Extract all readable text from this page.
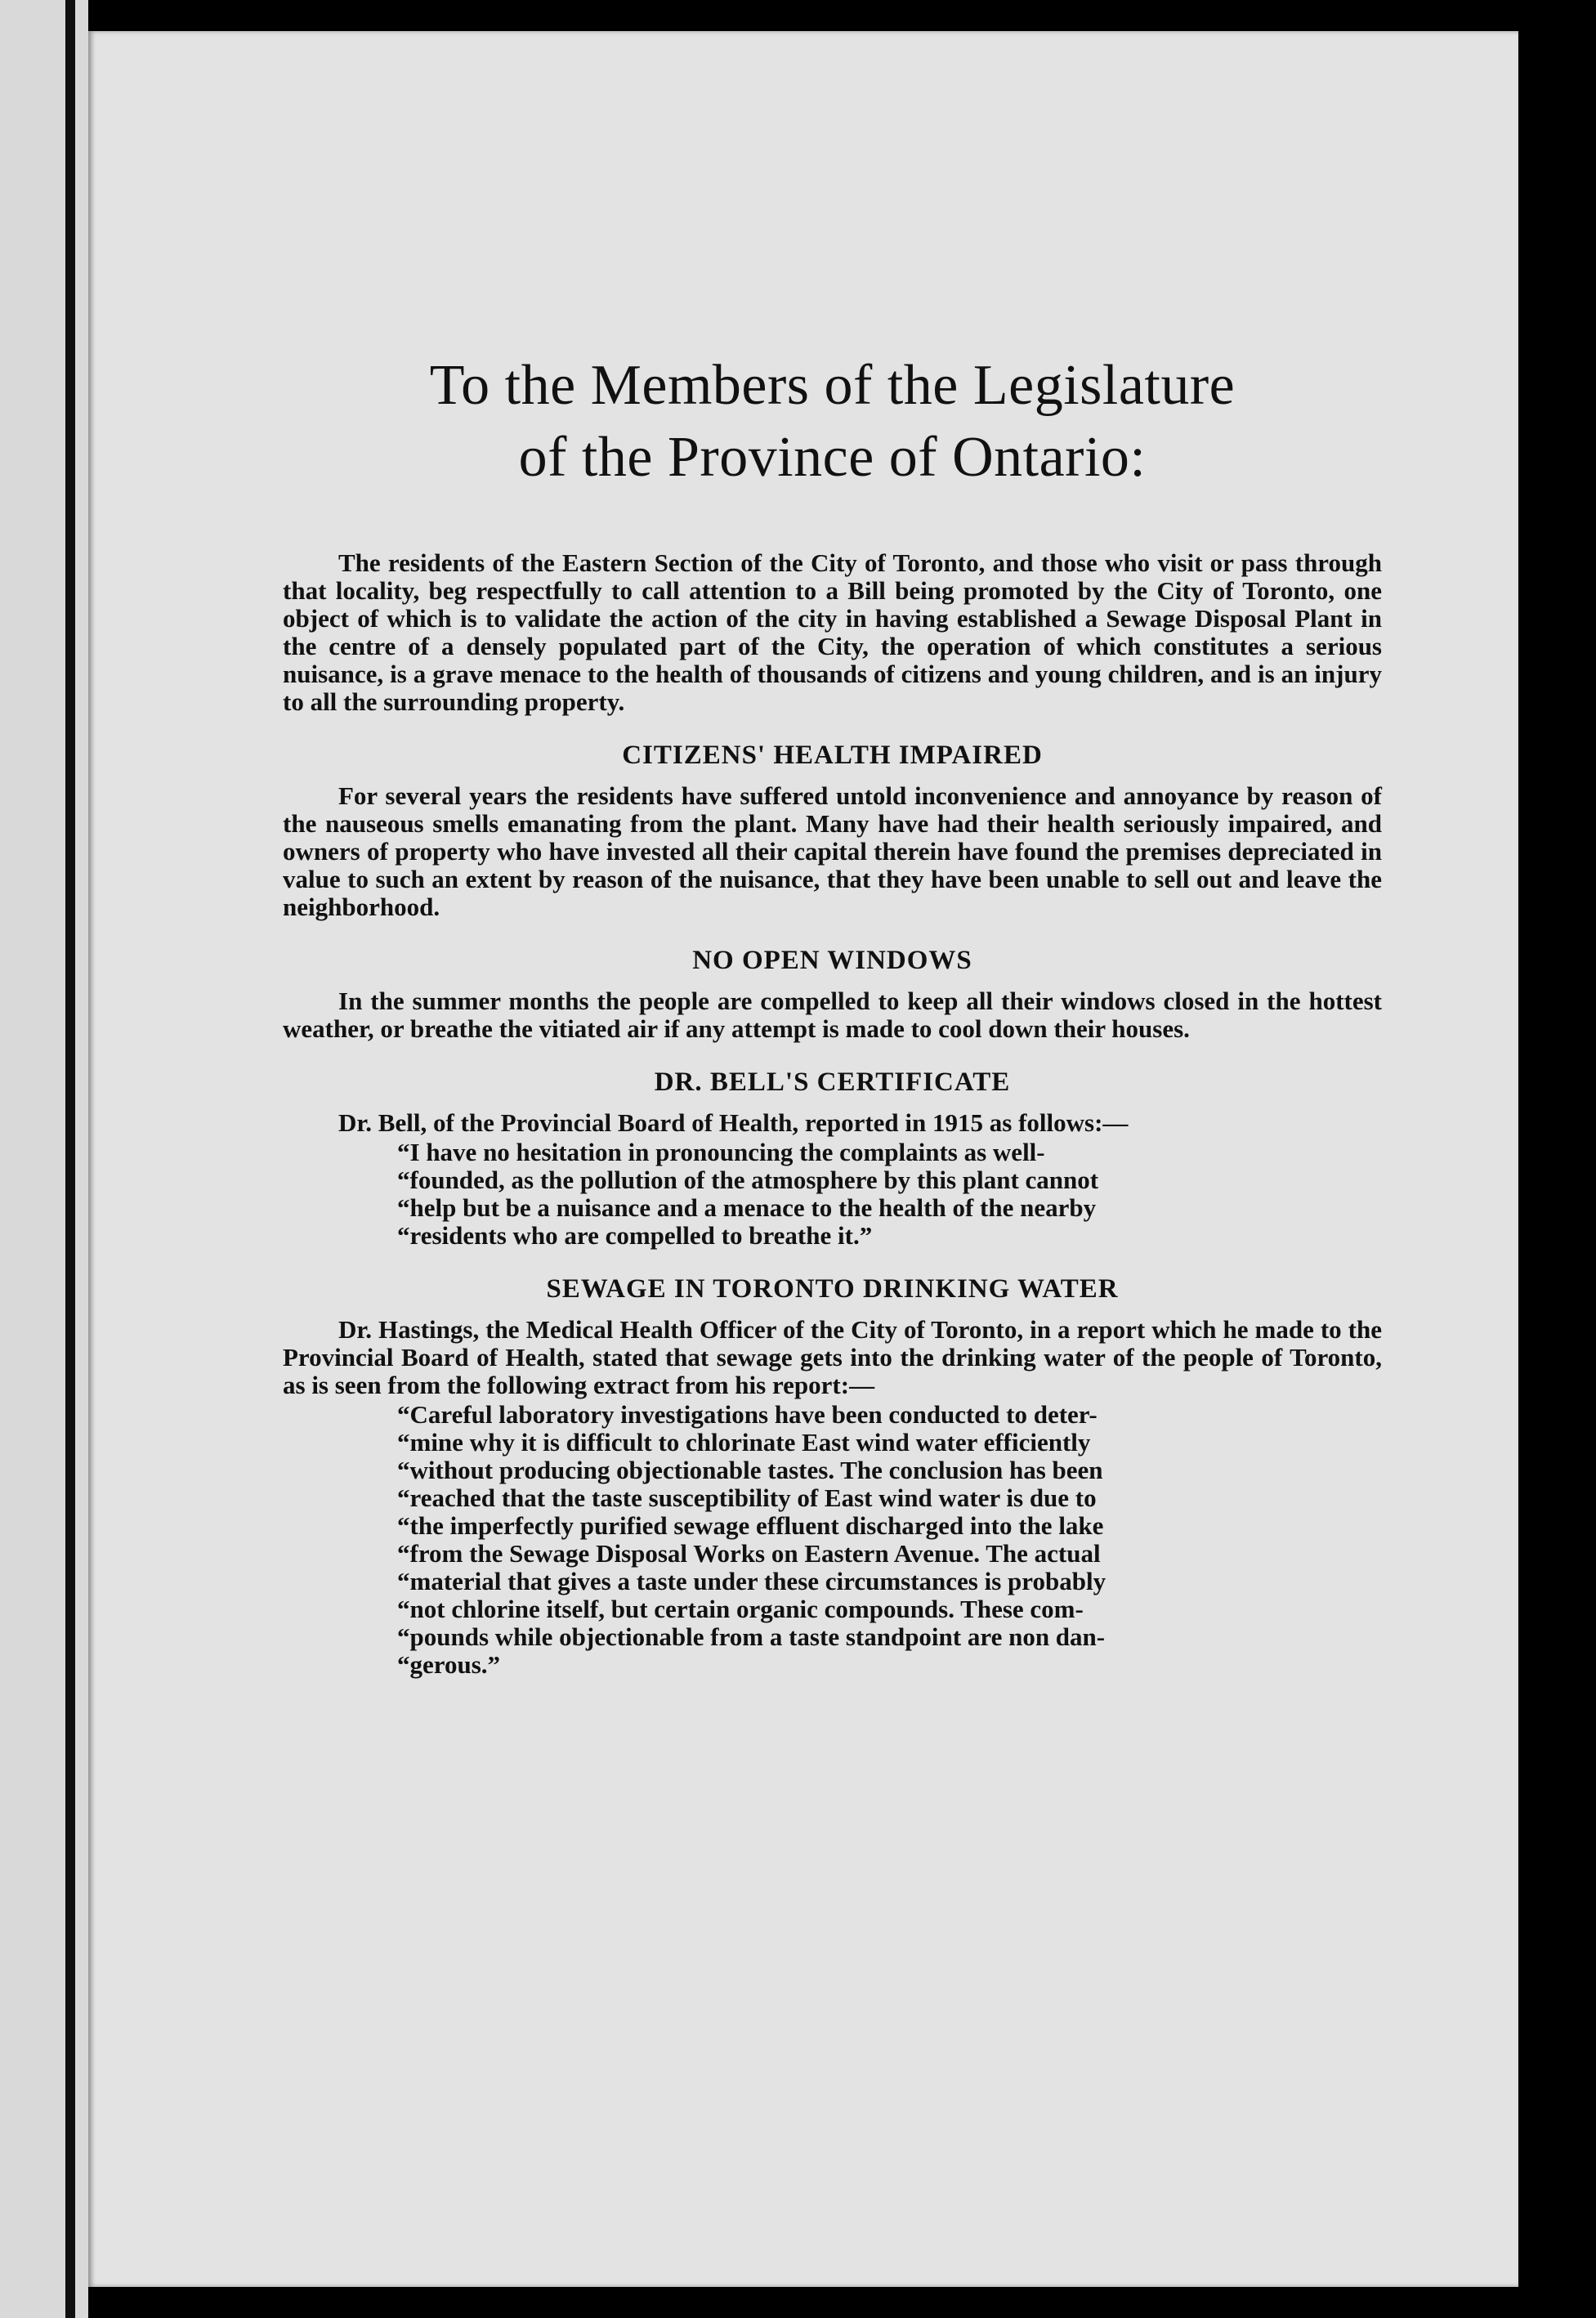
To the Members of the Legislature
of the Province of Ontario:

The residents of the Eastern Section of the City of Toronto, and those who visit or pass through that locality, beg respectfully to call attention to a Bill being promoted by the City of Toronto, one object of which is to validate the action of the city in having established a Sewage Disposal Plant in the centre of a densely populated part of the City, the operation of which constitutes a serious nuisance, is a grave menace to the health of thousands of citizens and young children, and is an injury to all the surrounding property.

CITIZENS' HEALTH IMPAIRED

For several years the residents have suffered untold inconvenience and annoyance by reason of the nauseous smells emanating from the plant. Many have had their health seriously impaired, and owners of property who have invested all their capital therein have found the premises depreciated in value to such an extent by reason of the nuisance, that they have been unable to sell out and leave the neighborhood.

NO OPEN WINDOWS

In the summer months the people are compelled to keep all their windows closed in the hottest weather, or breathe the vitiated air if any attempt is made to cool down their houses.

DR. BELL'S CERTIFICATE

Dr. Bell, of the Provincial Board of Health, reported in 1915 as follows:—

“I have no hesitation in pronouncing the complaints as well-
“founded, as the pollution of the atmosphere by this plant cannot
“help but be a nuisance and a menace to the health of the nearby
“residents who are compelled to breathe it.”
SEWAGE IN TORONTO DRINKING WATER

Dr. Hastings, the Medical Health Officer of the City of Toronto, in a report which he made to the Provincial Board of Health, stated that sewage gets into the drinking water of the people of Toronto, as is seen from the following extract from his report:—

“Careful laboratory investigations have been conducted to deter-
“mine why it is difficult to chlorinate East wind water efficiently
“without producing objectionable tastes. The conclusion has been
“reached that the taste susceptibility of East wind water is due to
“the imperfectly purified sewage effluent discharged into the lake
“from the Sewage Disposal Works on Eastern Avenue. The actual
“material that gives a taste under these circumstances is probably
“not chlorine itself, but certain organic compounds. These com-
“pounds while objectionable from a taste standpoint are non dan-
“gerous.”
